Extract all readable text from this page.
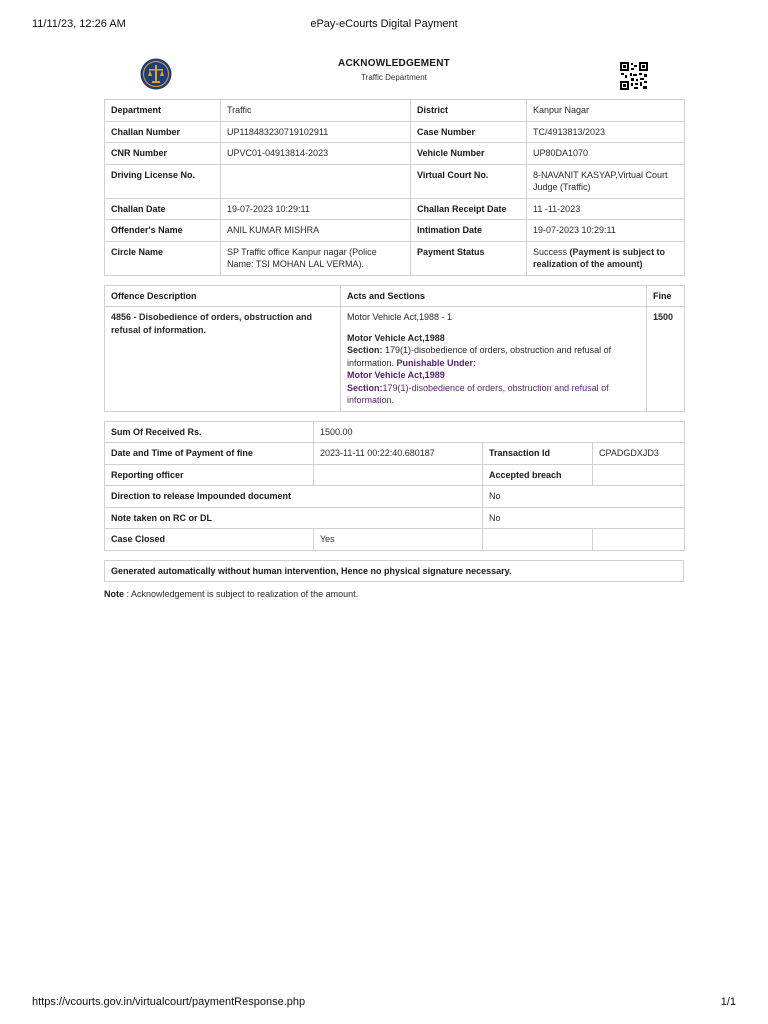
11/11/23, 12:26 AM	ePay-eCourts Digital Payment
ACKNOWLEDGEMENT
Traffic Department
Department	Traffic	District	Kanpur Nagar
Challan Number	UP118483230719102911	Case Number	TC/4913813/2023
CNR Number	UPVC01-04913814-2023	Vehicle Number	UP80DA1070
Driving License No.		Virtual Court No.	8-NAVANIT KASYAP,Virtual Court Judge (Traffic)
Challan Date	19-07-2023 10:29:11	Challan Receipt Date	11 -11-2023
Offender's Name	ANIL KUMAR MISHRA	Intimation Date	19-07-2023 10:29:11
Circle Name	SP Traffic office Kanpur nagar (Police Name: TSI MOHAN LAL VERMA).	Payment Status	Success (Payment is subject to realization of the amount)
Offence Description	Acts and Sections	Fine
4856 - Disobedience of orders, obstruction and refusal of information.	Motor Vehicle Act,1988 - 1

Motor Vehicle Act,1988

Section: 179(1)-disobedience of orders, obstruction and refusal of information. Punishable Under:

Motor Vehicle Act,1989

Section:179(1)-disobedience of orders, obstruction and refusal of information.	1500
Sum Of Received Rs.	1500.00		
Date and Time of Payment of fine	2023-11-11 00:22:40.680187	Transaction Id	CPADGDXJD3
Reporting officer		Accepted breach	
Direction to release Impounded document		No	
Note taken on RC or DL		No	
Case Closed	Yes		
Generated automatically without human intervention, Hence no physical signature necessary.
Note : Acknowledgement is subject to realization of the amount.
https://vcourts.gov.in/virtualcourt/paymentResponse.php	1/1
